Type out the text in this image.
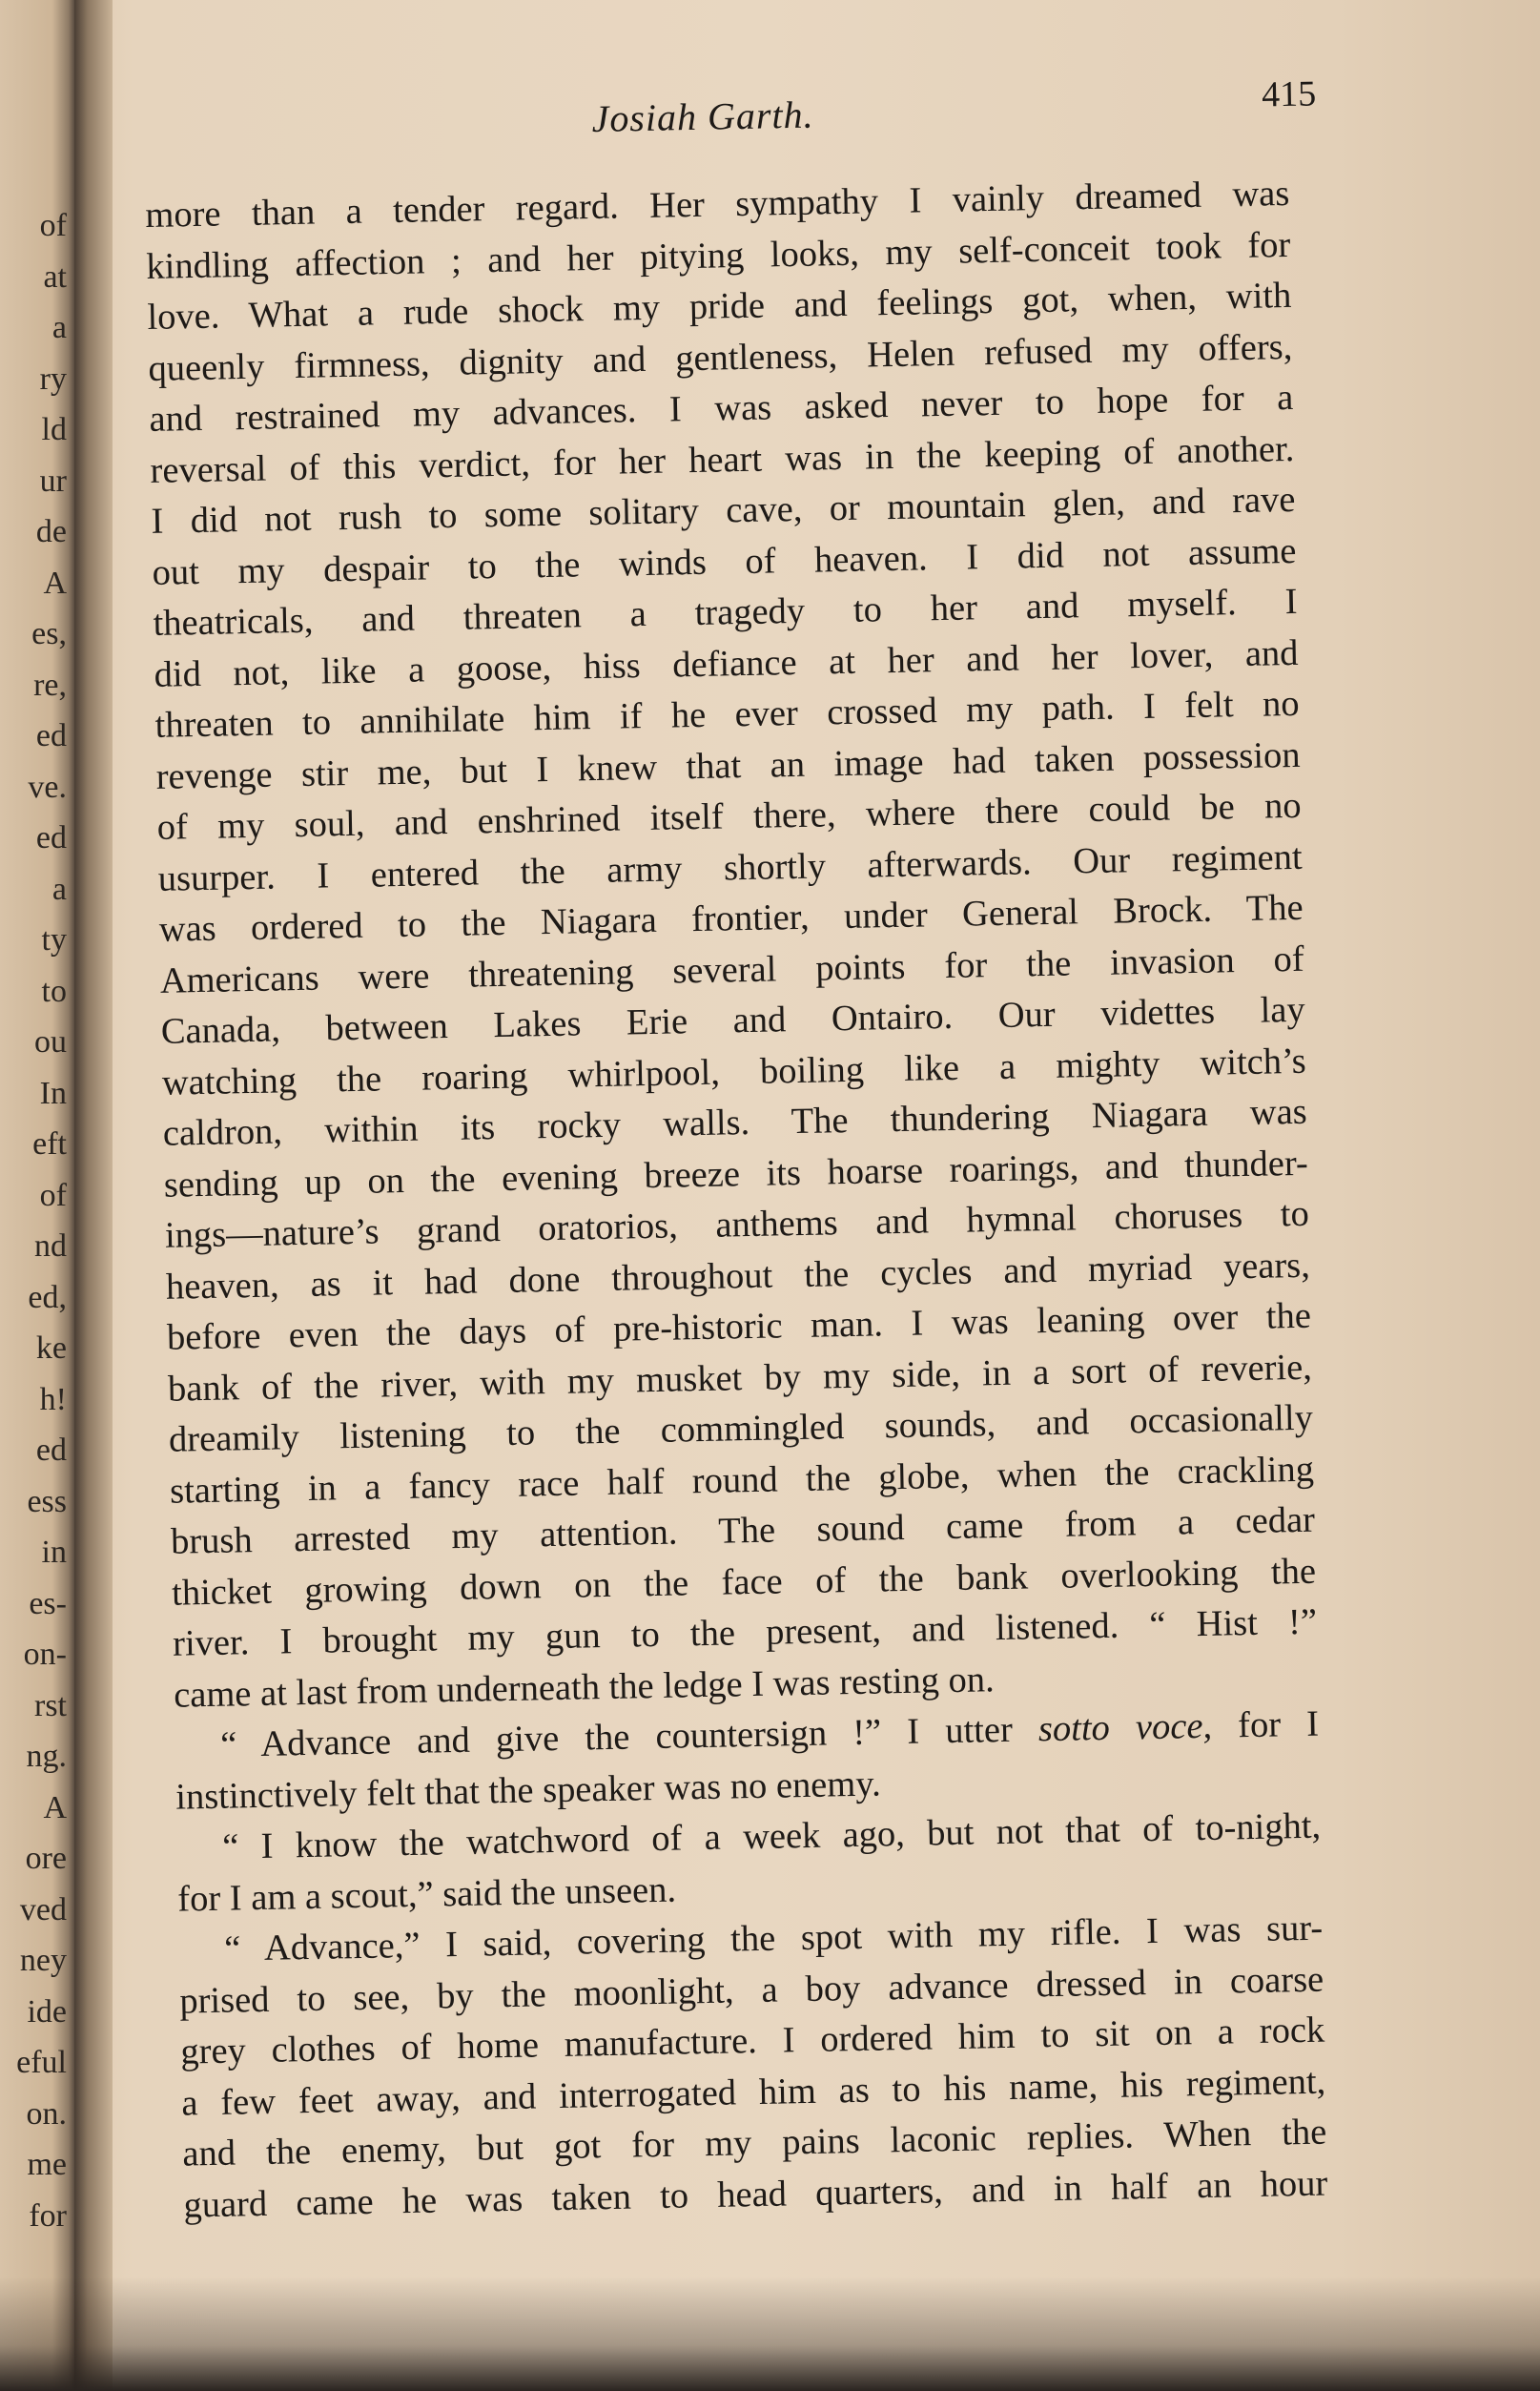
of
at
a
ry
ld
ur
de
A
es,
re,
ed
ve.
ed
a
ty
to
ou
In
eft
of
nd
ed,
ke
h!
ed
ess
in
es-
on-
rst
ng.
A
ore
ved
ney
ide
eful
on.
me
for
Josiah Garth.	415
more than a tender regard. Her sympathy I vainly dreamed was
kindling affection ; and her pitying looks, my self-conceit took for
love. What a rude shock my pride and feelings got, when, with
queenly firmness, dignity and gentleness, Helen refused my offers,
and restrained my advances. I was asked never to hope for a
reversal of this verdict, for her heart was in the keeping of another.
I did not rush to some solitary cave, or mountain glen, and rave
out my despair to the winds of heaven. I did not assume
theatricals, and threaten a tragedy to her and myself. I
did not, like a goose, hiss defiance at her and her lover, and
threaten to annihilate him if he ever crossed my path. I felt no
revenge stir me, but I knew that an image had taken possession
of my soul, and enshrined itself there, where there could be no
usurper. I entered the army shortly afterwards. Our regiment
was ordered to the Niagara frontier, under General Brock. The
Americans were threatening several points for the invasion of
Canada, between Lakes Erie and Ontairo. Our videttes lay
watching the roaring whirlpool, boiling like a mighty witch’s
caldron, within its rocky walls. The thundering Niagara was
sending up on the evening breeze its hoarse roarings, and thunder-
ings—nature’s grand oratorios, anthems and hymnal choruses to
heaven, as it had done throughout the cycles and myriad years,
before even the days of pre-historic man. I was leaning over the
bank of the river, with my musket by my side, in a sort of reverie,
dreamily listening to the commingled sounds, and occasionally
starting in a fancy race half round the globe, when the crackling
brush arrested my attention. The sound came from a cedar
thicket growing down on the face of the bank overlooking the
river. I brought my gun to the present, and listened. “ Hist !”
came at last from underneath the ledge I was resting on.
“ Advance and give the countersign !” I utter sotto voce, for I
instinctively felt that the speaker was no enemy.
“ I know the watchword of a week ago, but not that of to-night,
for I am a scout,” said the unseen.
“ Advance,” I said, covering the spot with my rifle. I was sur-
prised to see, by the moonlight, a boy advance dressed in coarse
grey clothes of home manufacture. I ordered him to sit on a rock
a few feet away, and interrogated him as to his name, his regiment,
and the enemy, but got for my pains laconic replies. When the
guard came he was taken to head quarters, and in half an hour
